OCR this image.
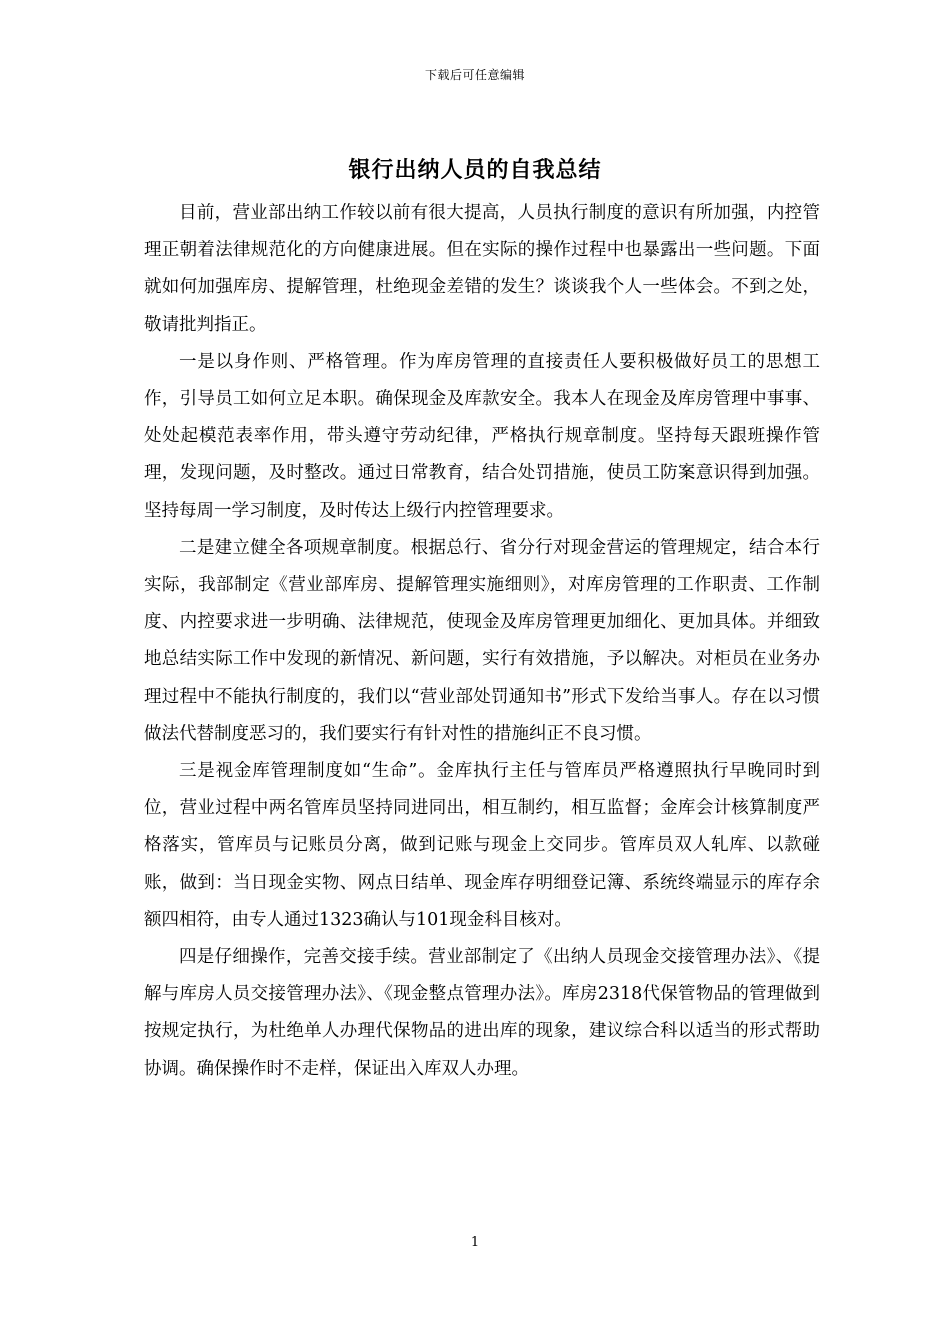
下载后可任意编辑
银行出纳人员的自我总结

目前，营业部出纳工作较以前有很大提高，人员执行制度的意识有所加强，内控管理正朝着法律规范化的方向健康进展。但在实际的操作过程中也暴露出一些问题。下面就如何加强库房、提解管理，杜绝现金差错的发生？谈谈我个人一些体会。不到之处，敬请批判指正。

一是以身作则、严格管理。作为库房管理的直接责任人要积极做好员工的思想工作，引导员工如何立足本职。确保现金及库款安全。我本人在现金及库房管理中事事、处处起模范表率作用，带头遵守劳动纪律，严格执行规章制度。坚持每天跟班操作管理，发现问题，及时整改。通过日常教育，结合处罚措施，使员工防案意识得到加强。坚持每周一学习制度，及时传达上级行内控管理要求。

二是建立健全各项规章制度。根据总行、省分行对现金营运的管理规定，结合本行实际，我部制定《营业部库房、提解管理实施细则》，对库房管理的工作职责、工作制度、内控要求进一步明确、法律规范，使现金及库房管理更加细化、更加具体。并细致地总结实际工作中发现的新情况、新问题，实行有效措施，予以解决。对柜员在业务办理过程中不能执行制度的，我们以“营业部处罚通知书”形式下发给当事人。存在以习惯做法代替制度恶习的，我们要实行有针对性的措施纠正不良习惯。

三是视金库管理制度如“生命”。金库执行主任与管库员严格遵照执行早晚同时到位，营业过程中两名管库员坚持同进同出，相互制约，相互监督；金库会计核算制度严格落实，管库员与记账员分离，做到记账与现金上交同步。管库员双人轧库、以款碰账，做到：当日现金实物、网点日结单、现金库存明细登记簿、系统终端显示的库存余额四相符，由专人通过1323确认与101现金科目核对。

四是仔细操作，完善交接手续。营业部制定了《出纳人员现金交接管理办法》、《提解与库房人员交接管理办法》、《现金整点管理办法》。库房2318代保管物品的管理做到按规定执行，为杜绝单人办理代保物品的进出库的现象，建议综合科以适当的形式帮助协调。确保操作时不走样，保证出入库双人办理。

1
